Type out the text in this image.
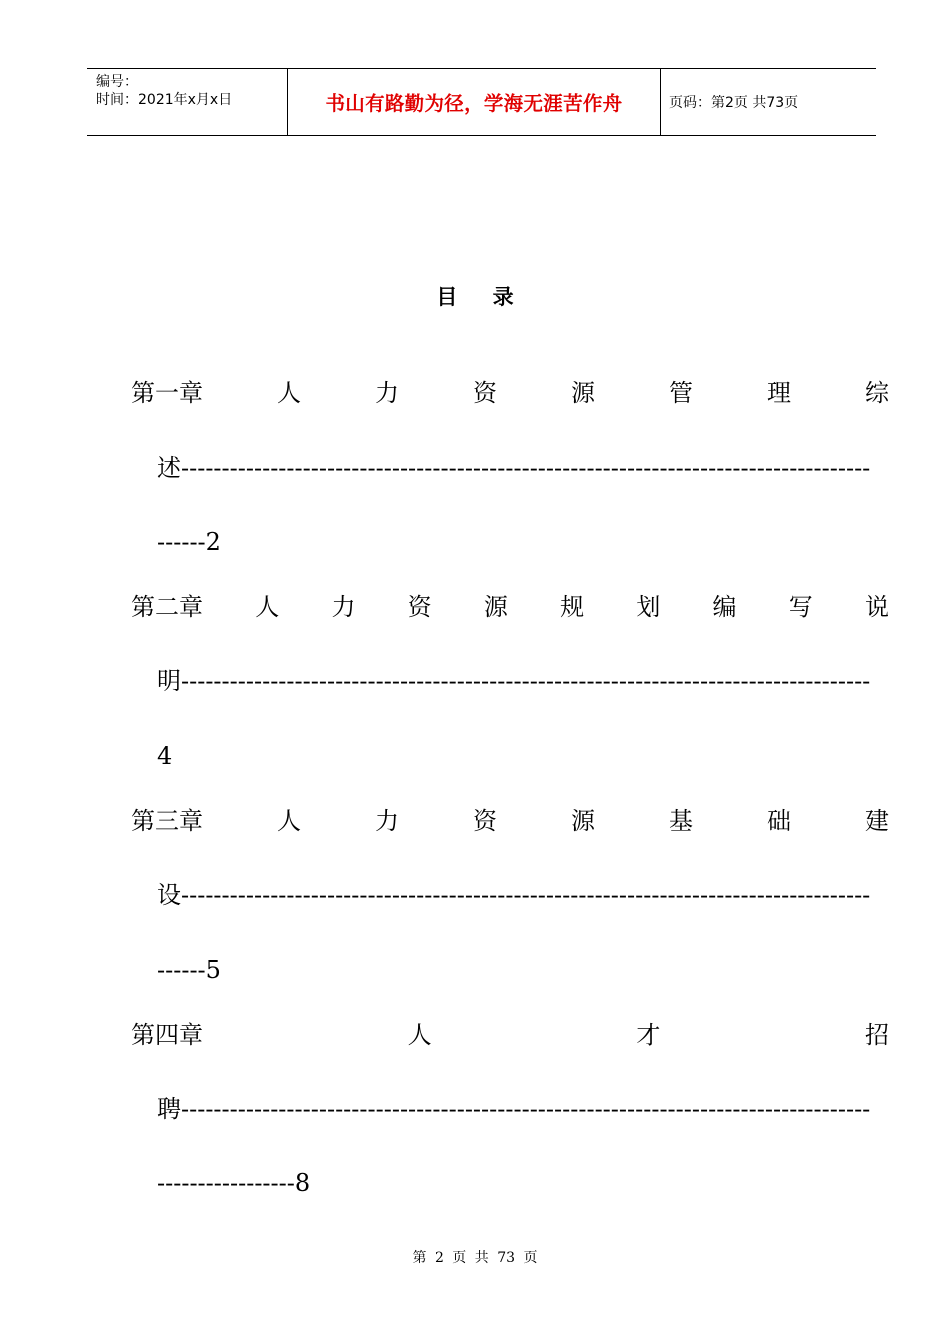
编号：
时间：2021年x月x日	书山有路勤为径，学海无涯苦作舟	页码：第2页 共73页
目 录
第一章	人	力	资	源	管	理	综
述-------------------------------------------------------------------------------------
------2
第二章 人 力 资 源 规 划 编 写 说
明-------------------------------------------------------------------------------------
4
第三章	人	力	资	源	基	础	建
设-------------------------------------------------------------------------------------
------5
第四章	人	才	招
聘-------------------------------------------------------------------------------------
-----------------8
第 2 页 共 73 页
